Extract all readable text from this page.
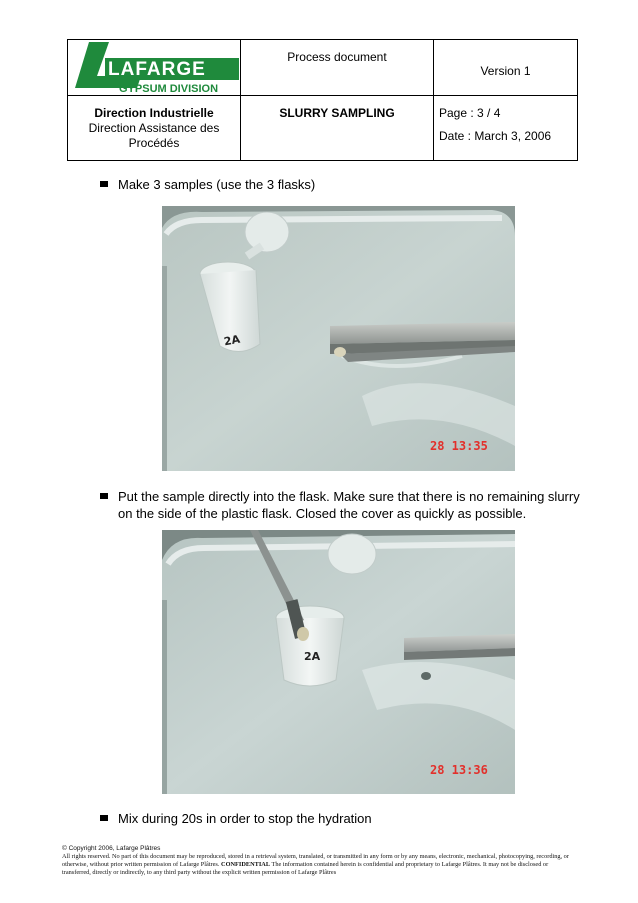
LAFARGE
GYPSUM DIVISION
Process document
Version 1
Direction Industrielle
Direction Assistance des
Procédés
SLURRY SAMPLING	Page : 3 / 4
Date : March 3, 2006
Make 3 samples (use the 3 flasks)
2A
28 13:35
Put the sample directly into the flask. Make sure that there is no remaining slurry on the side of the plastic flask. Closed the cover as quickly as possible.
2A
28 13:36
Mix during 20s in order to stop the hydration
© Copyright 2006, Lafarge Plâtres
All rights reserved. No part of this document may be reproduced, stored in a retrieval system, translated, or transmitted in any form or by any means, electronic, mechanical, photocopying, recording, or
otherwise, without prior written permission of Lafarge Plâtres. CONFIDENTIAL The information contained herein is confidential and proprietary to Lafarge Plâtres. It may not be disclosed or
transferred, directly or indirectly, to any third party without the explicit written permission of Lafarge Plâtres
